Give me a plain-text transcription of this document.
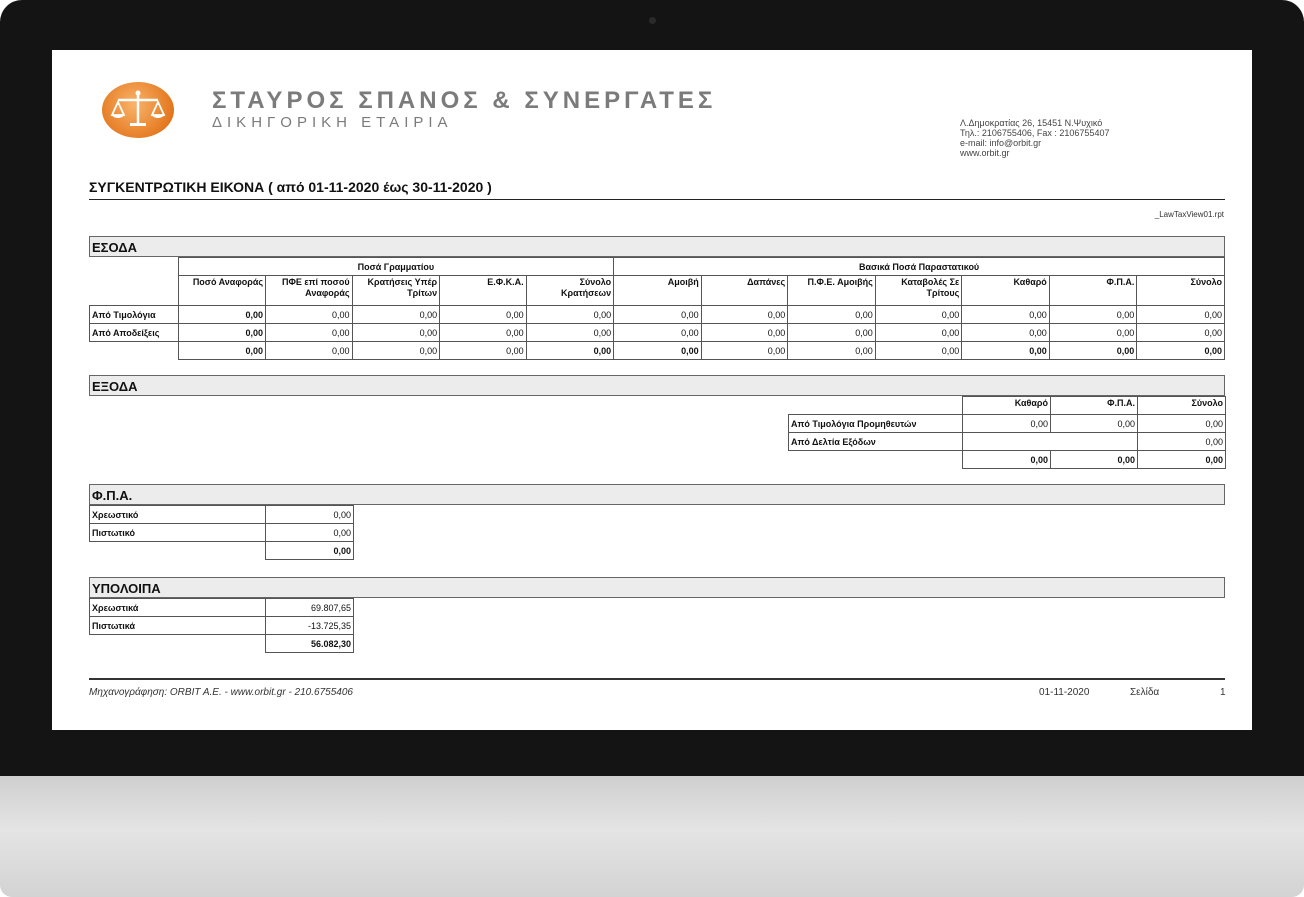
ΣΤΑΥΡΟΣ ΣΠΑΝΟΣ & ΣΥΝΕΡΓΑΤΕΣ
ΔΙΚΗΓΟΡΙΚΗ ΕΤΑΙΡΙΑ	Λ.Δημοκρατίας 26, 15451 Ν.Ψυχικό
Τηλ.: 2106755406, Fax : 2106755407
e-mail: info@orbit.gr
www.orbit.gr
ΣΥΓΚΕΝΤΡΩΤΙΚΗ ΕΙΚΟΝΑ ( από 01-11-2020 έως 30-11-2020 )
_LawTaxView01.rpt
ΕΣΟΔΑ
	Ποσά Γραμματίου					Βασικά Ποσά Παραστατικού						
	Ποσό Αναφοράς	ΠΦΕ επί ποσού Αναφοράς	Κρατήσεις Υπέρ Τρίτων	Ε.Φ.Κ.Α.	Σύνολο Κρατήσεων	Αμοιβή	Δαπάνες	Π.Φ.Ε. Αμοιβής	Καταβολές Σε Τρίτους	Καθαρό	Φ.Π.Α.	Σύνολο
Από Τιμολόγια	0,00	0,00	0,00	0,00	0,00	0,00	0,00	0,00	0,00	0,00	0,00	0,00
Από Αποδείξεις	0,00	0,00	0,00	0,00	0,00	0,00	0,00	0,00	0,00	0,00	0,00	0,00
	0,00	0,00	0,00	0,00	0,00	0,00	0,00	0,00	0,00	0,00	0,00	0,00
ΕΞΟΔΑ
	Καθαρό	Φ.Π.Α.	Σύνολο
Από Τιμολόγια Προμηθευτών	0,00	0,00	0,00
Από Δελτία Εξόδων			0,00
	0,00	0,00	0,00
Φ.Π.Α.
Χρεωστικό	0,00
Πιστωτικό	0,00
	0,00
ΥΠΟΛΟΙΠΑ
Χρεωστικά	69.807,65
Πιστωτικά	-13.725,35
	56.082,30
Μηχανογράφηση: ORBIT A.E. - www.orbit.gr - 210.6755406	01-11-2020	Σελίδα	1
